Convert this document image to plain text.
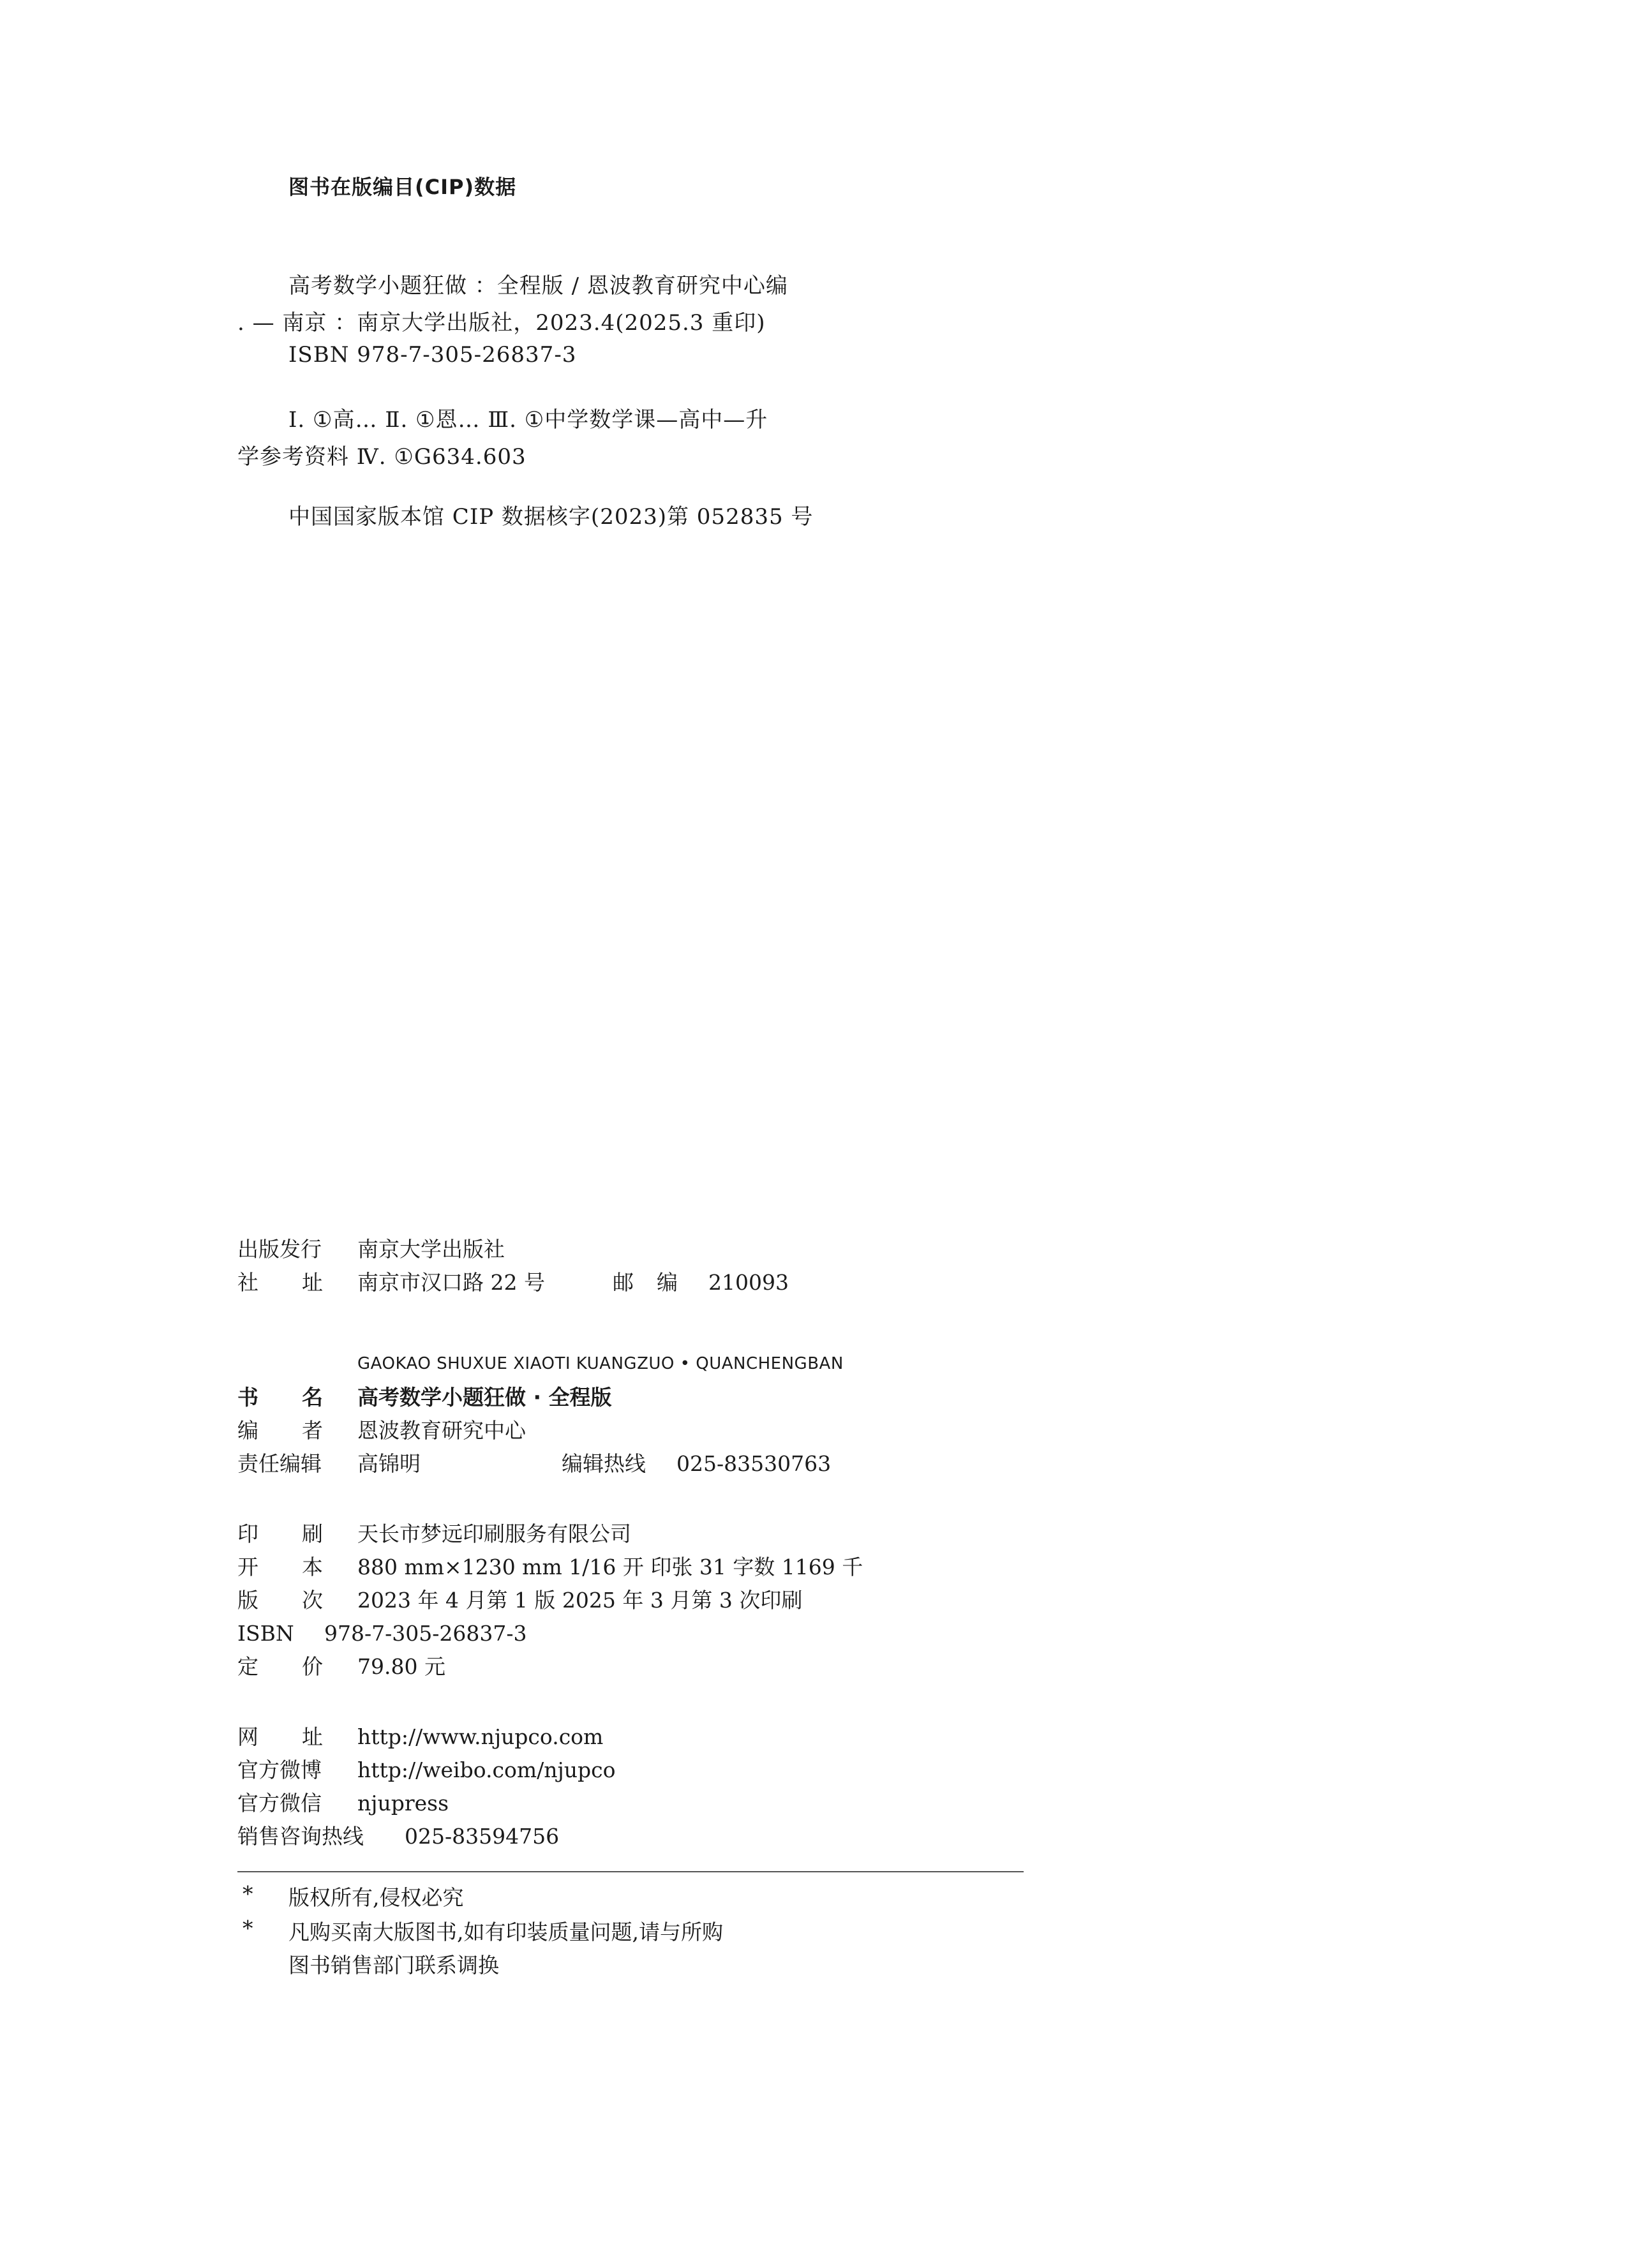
图书在版编目(CIP)数据
高考数学小题狂做 ：全程版 / 恩波教育研究中心编
. — 南京 ：南京大学出版社，2023.4(2025.3 重印)
ISBN 978-7-305-26837-3
Ⅰ. ①高… Ⅱ. ①恩… Ⅲ. ①中学数学课—高中—升
学参考资料 Ⅳ. ①G634.603
中国国家版本馆 CIP 数据核字(2023)第 052835 号
出版发行 南京大学出版社
社址
南京市汉口路 22 号	邮编 210093
GAOKAO SHUXUE XIAOTI KUANGZUO • QUANCHENGBAN
书名
高考数学小题狂做 · 全程版
编者
恩波教育研究中心
责任编辑 高锦明	编辑热线 025-83530763
印刷
天长市梦远印刷服务有限公司
开本
880 mm×1230 mm 1/16 开 印张 31 字数 1169 千
版次
2023 年 4 月第 1 版 2025 年 3 月第 3 次印刷
ISBN 978-7-305-26837-3
定价
79.80 元
网址
http://www.njupco.com
官方微博 http://weibo.com/njupco
官方微信 njupress
销售咨询热线 025-83594756
* 版权所有,侵权必究
* 凡购买南大版图书,如有印装质量问题,请与所购
图书销售部门联系调换
